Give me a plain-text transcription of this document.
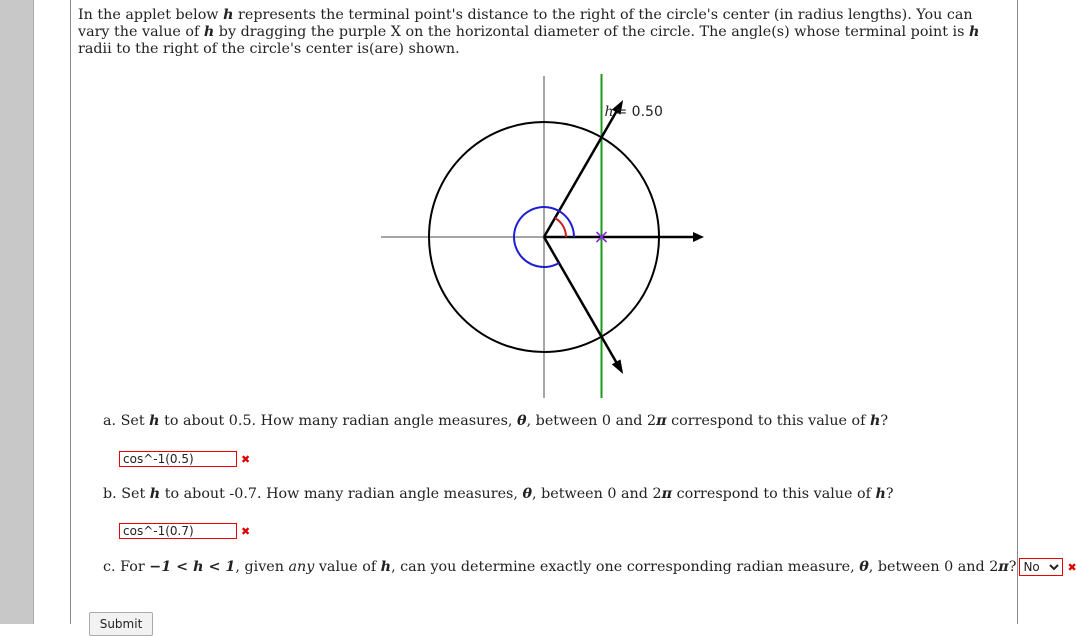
In the applet below h represents the terminal point's distance to the right of the circle's center (in radius lengths). You can vary the value of h by dragging the purple X on the horizontal diameter of the circle. The angle(s) whose terminal point is h radii to the right of the circle's center is(are) shown.
h = 0.50
a. Set h to about 0.5. How many radian angle measures, θ, between 0 and 2π correspond to this value of h?
cos^-1(0.5)
✖
b. Set h to about -0.7. How many radian angle measures, θ, between 0 and 2π correspond to this value of h?
cos^-1(0.7)
✖
c. For −1 < h < 1, given any value of h, can you determine exactly one corresponding radian measure, θ, between 0 and 2π? No	✖
Submit
